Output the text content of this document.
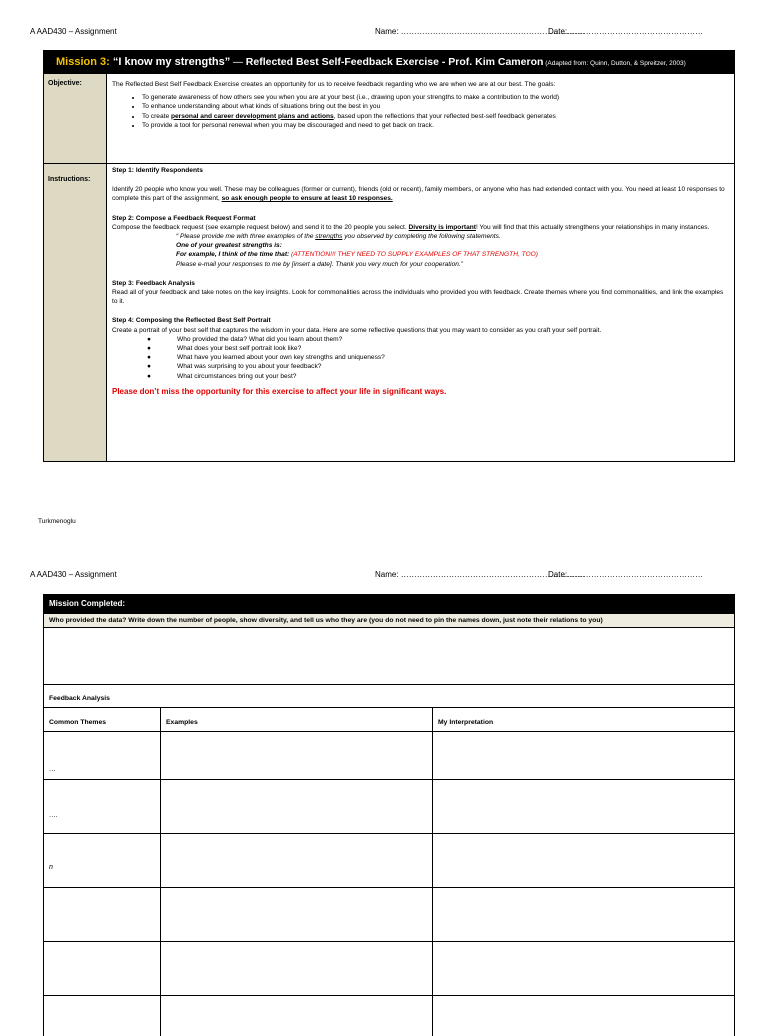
A AAD430 – Assignment	Name: ……………………………………………………………
Date:……………………………………………
Mission 3: “I know my strengths” — Reflected Best Self-Feedback Exercise - Prof. Kim Cameron (Adapted from: Quinn, Dutton, & Spreitzer, 2003)
Objective:	The Reflected Best Self Feedback Exercise creates an opportunity for us to receive feedback regarding who we are when we are at our best. The goals:
• To generate awareness of how others see you when you are at your best (i.e., drawing upon your strengths to make a contribution to the world)
• To enhance understanding about what kinds of situations bring out the best in you
• To create personal and career development plans and actions, based upon the reflections that your reflected best-self feedback generates
• To provide a tool for personal renewal when you may be discouraged and need to get back on track.
Instructions:
Step 1: Identify Respondents
Identify 20 people who know you well. These may be colleagues (former or current), friends (old or recent), family members, or anyone who has had extended contact with you. You need at least 10 responses to complete this part of the assignment, so ask enough people to ensure at least 10 responses.
Step 2: Compose a Feedback Request Format
Compose the feedback request (see example request below) and send it to the 20 people you select. Diversity is important! You will find that this actually strengthens your relationships in many instances.
“ Please provide me with three examples of the strengths you observed by completing the following statements.
One of your greatest strengths is:
For example, I think of the time that: (ATTENTION!!! THEY NEED TO SUPPLY EXAMPLES OF THAT STRENGTH, TOO)
Please e-mail your responses to me by [insert a date]. Thank you very much for your cooperation.”
Step 3: Feedback Analysis
Read all of your feedback and take notes on the key insights. Look for commonalities across the individuals who provided you with feedback. Create themes where you find commonalities, and link the examples to it.
Step 4: Composing the Reflected Best Self Portrait
Create a portrait of your best self that captures the wisdom in your data. Here are some reflective questions that you may want to consider as you craft your self portrait.
●	Who provided the data? What did you learn about them?
●	What does your best self portrait look like?
●	What have you learned about your own key strengths and uniqueness?
●	What was surprising to you about your feedback?
●	What circumstances bring out your best?
Please don’t miss the opportunity for this exercise to affect your life in significant ways.
Turkmenoglu
A AAD430 – Assignment	Name: ……………………………………………………………
Date:……………………………………………
Mission Completed:
Who provided the data? Write down the number of people, show diversity, and tell us who they are (you do not need to pin the names down, just note their relations to you)
Feedback Analysis
Common Themes	Examples	My Interpretation
…
….
n
